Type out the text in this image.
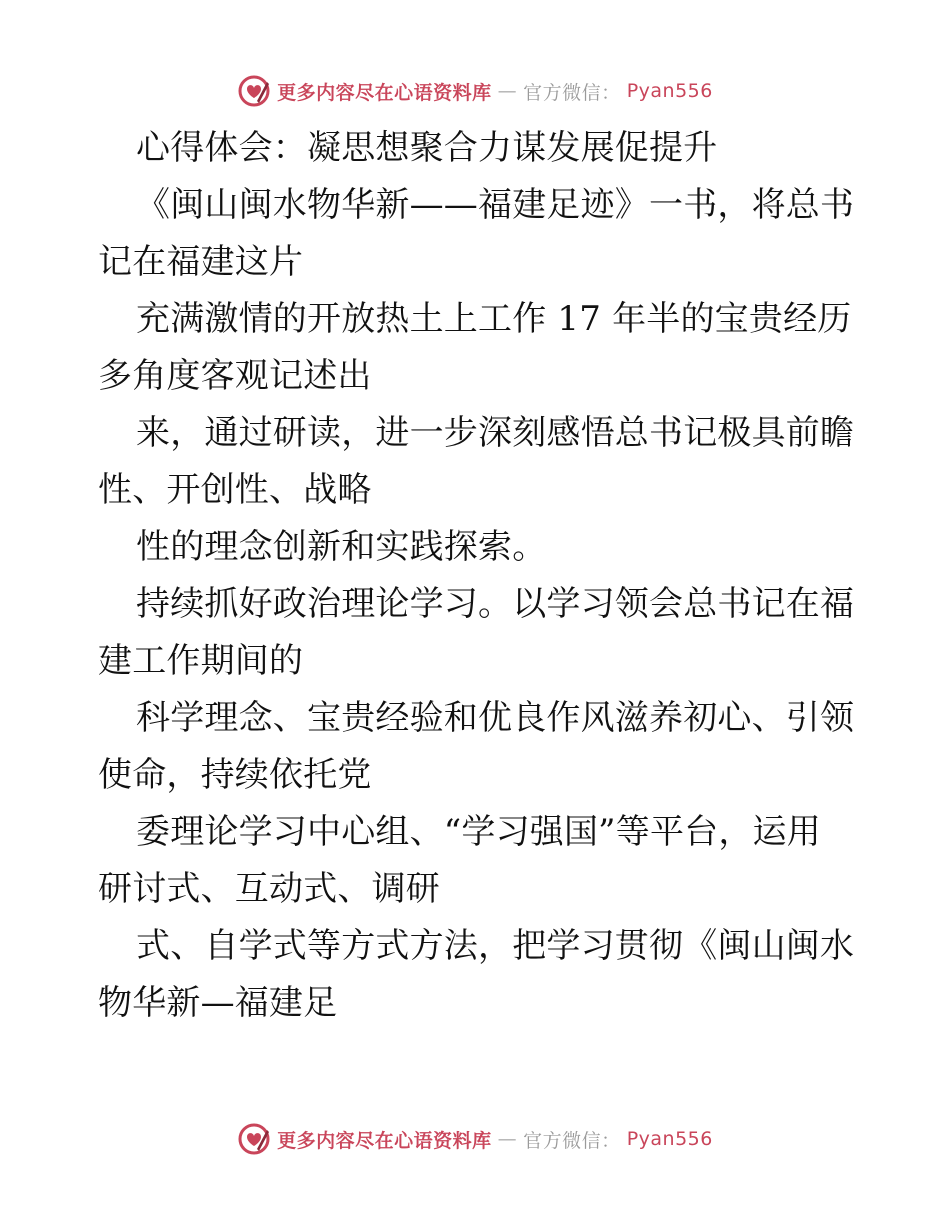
更多内容尽在心语资料库 — 官方微信： Pyan556
心得体会：凝思想聚合力谋发展促提升
《闽山闽水物华新——福建足迹》一书，将总书
记在福建这片
充满激情的开放热土上工作 17 年半的宝贵经历
多角度客观记述出
来，通过研读，进一步深刻感悟总书记极具前瞻
性、开创性、战略
性的理念创新和实践探索。
持续抓好政治理论学习。以学习领会总书记在福
建工作期间的
科学理念、宝贵经验和优良作风滋养初心、引领
使命，持续依托党
委理论学习中心组、“学习强国”等平台，运用
研讨式、互动式、调研
式、自学式等方式方法，把学习贯彻《闽山闽水
物华新—福建足
更多内容尽在心语资料库 — 官方微信： Pyan556
